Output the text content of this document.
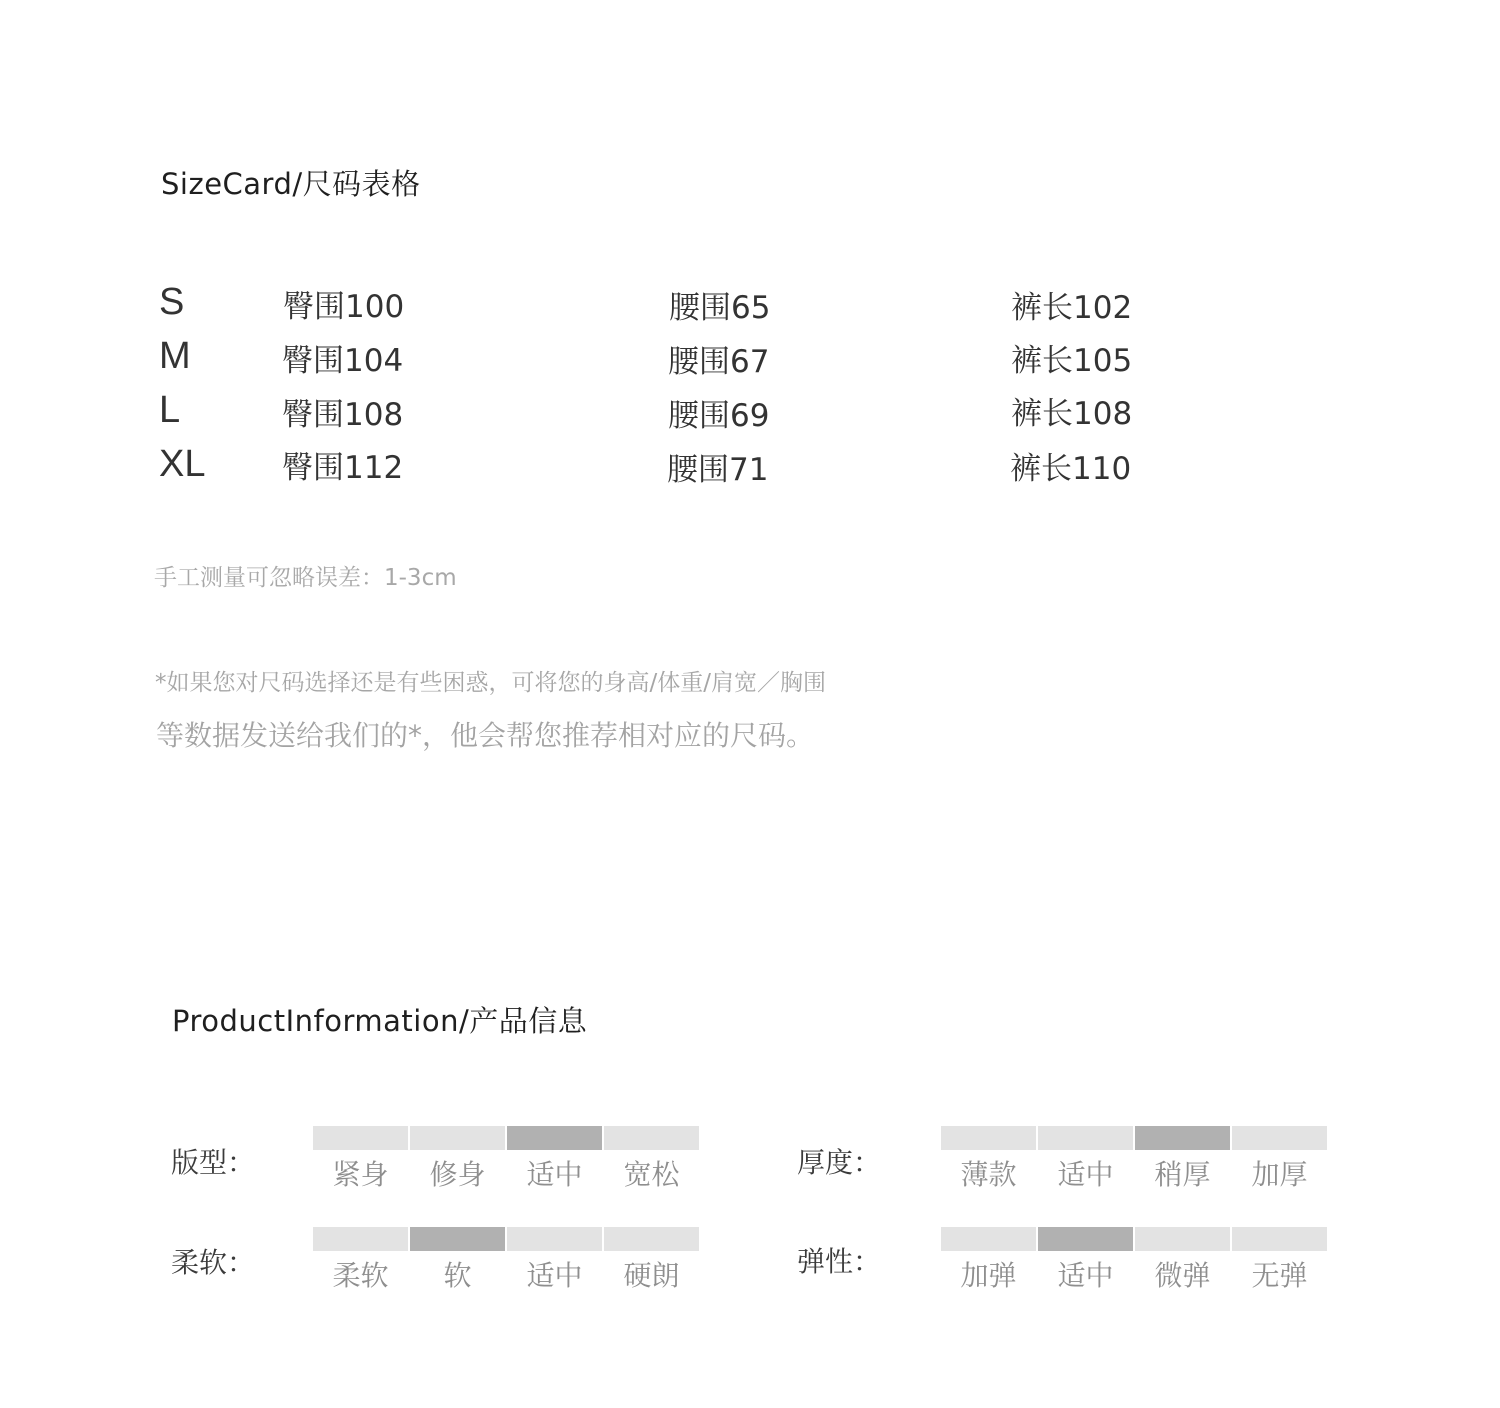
SizeCard/尺码表格
S	臀围100	腰围65	裤长102
M	臀围104	腰围67	裤长105
L	臀围108	腰围69	裤长108
XL 臀围112	腰围71	裤长110
手工测量可忽略误差：1-3cm
*如果您对尺码选择还是有些困惑，可将您的身高/体重/肩宽／胸围
等数据发送给我们的*，他会帮您推荐相对应的尺码。
ProductInformation/产品信息
版型：	紧身	修身	适中	宽松	厚度：	薄款	适中	稍厚	加厚
柔软：	柔软	软	适中	硬朗	弹性：	加弹	适中	微弹	无弹
